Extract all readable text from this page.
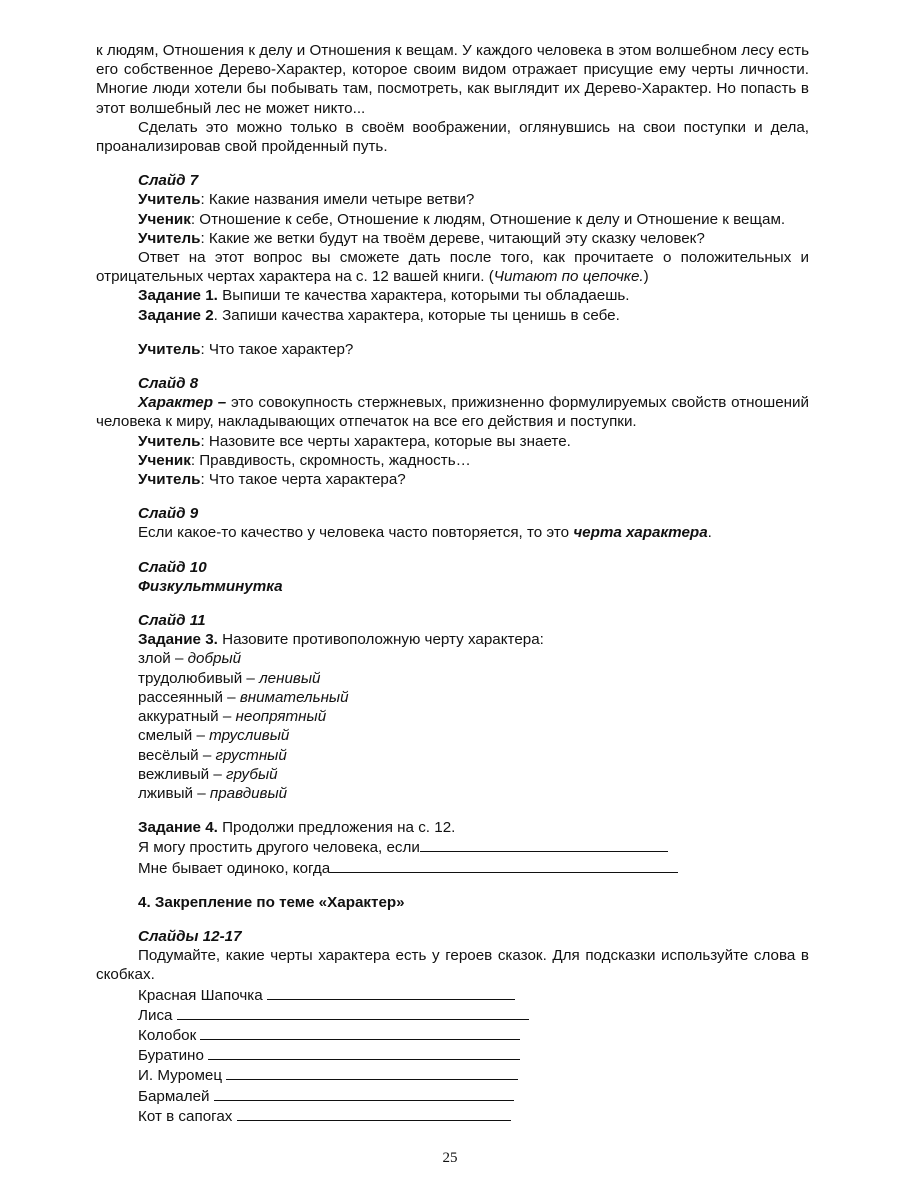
к людям, Отношения к делу и Отношения к вещам. У каждого человека в этом волшебном лесу есть его собственное Дерево-Характер, которое своим видом отражает присущие ему черты личности. Многие люди хотели бы побывать там, посмотреть, как выглядит их Дерево-Характер. Но попасть в этот волшебный лес не может никто...

Сделать это можно только в своём воображении, оглянувшись на свои поступки и дела, проанализировав свой пройденный путь.

Слайд 7

Учитель: Какие названия имели четыре ветви?

Ученик: Отношение к себе, Отношение к людям, Отношение к делу и Отношение к вещам.

Учитель: Какие же ветки будут на твоём дереве, читающий эту сказку человек?

Ответ на этот вопрос вы сможете дать после того, как прочитаете о положительных и отрицательных чертах характера на с. 12 вашей книги. (Читают по цепочке.)

Задание 1. Выпиши те качества характера, которыми ты обладаешь.

Задание 2. Запиши качества характера, которые ты ценишь в себе.

Учитель: Что такое характер?

Слайд 8

Характер – это совокупность стержневых, прижизненно формулируемых свойств отношений человека к миру, накладывающих отпечаток на все его действия и поступки.

Учитель: Назовите все черты характера, которые вы знаете.

Ученик: Правдивость, скромность, жадность…

Учитель: Что такое черта характера?

Слайд 9

Если какое-то качество у человека часто повторяется, то это черта характера.

Слайд 10

Физкультминутка

Слайд 11

Задание 3. Назовите противоположную черту характера:

злой – добрый

трудолюбивый – ленивый

рассеянный – внимательный

аккуратный – неопрятный

смелый – трусливый

весёлый – грустный

вежливый – грубый

лживый – правдивый

Задание 4. Продолжи предложения на с. 12.

Я могу простить другого человека, если

Мне бывает одиноко, когда

4. Закрепление по теме «Характер»

Слайды 12-17

Подумайте, какие черты характера есть у героев сказок. Для подсказки используйте слова в скобках.

Красная Шапочка

Лиса

Колобок

Буратино

И. Муромец

Бармалей

Кот в сапогах

25
